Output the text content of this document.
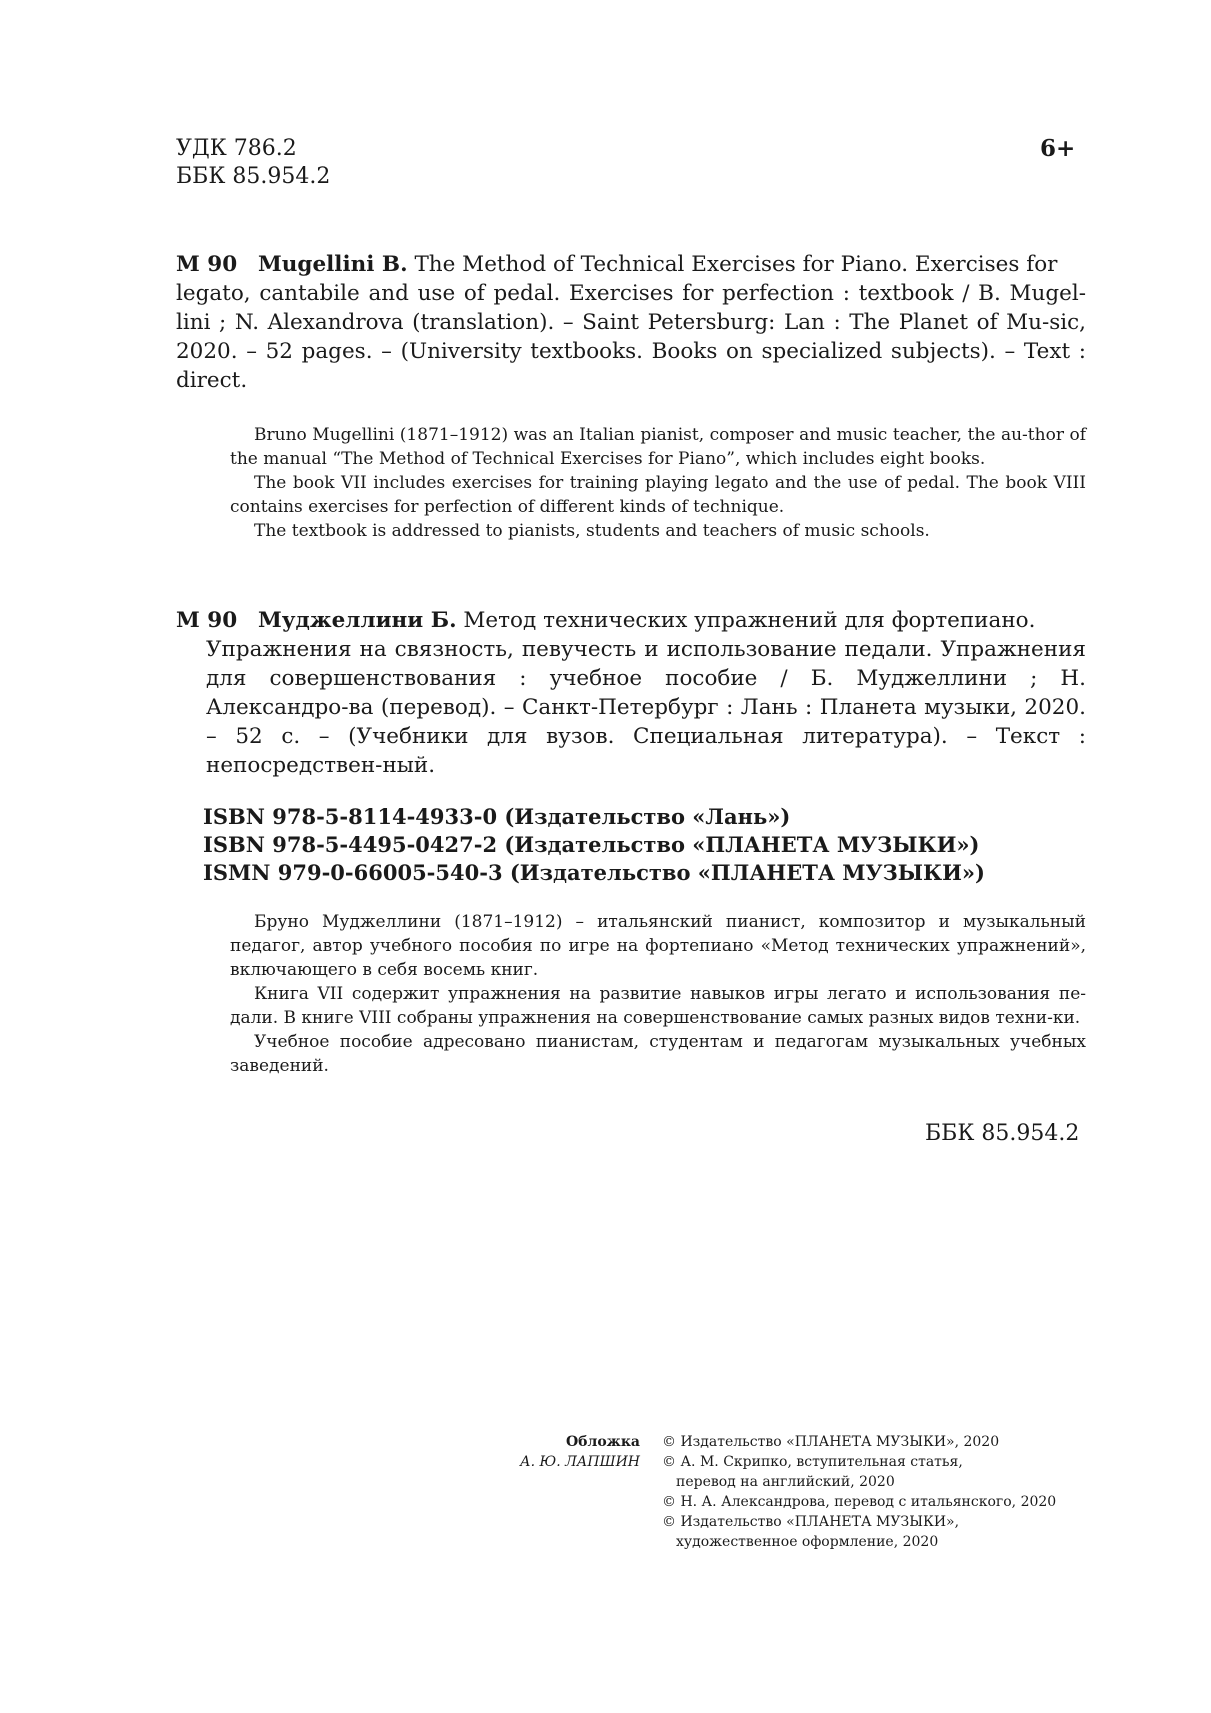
УДК 786.2
ББК 85.954.2
6+
M 90 Mugellini B. The Method of Technical Exercises for Piano. Exercises for
legato, cantabile and use of pedal. Exercises for perfection : textbook / B. Mugel-lini ; N. Alexandrova (translation). – Saint Petersburg: Lan : The Planet of Mu-sic, 2020. – 52 pages. – (University textbooks. Books on specialized subjects). – Text : direct.

Bruno Mugellini (1871–1912) was an Italian pianist, composer and music teacher, the au-thor of the manual “The Method of Technical Exercises for Piano”, which includes eight books.

The book VII includes exercises for training playing legato and the use of pedal. The book VIII contains exercises for perfection of different kinds of technique.

The textbook is addressed to pianists, students and teachers of music schools.

M 90 Муджеллини Б. Метод технических упражнений для фортепиано.
Упражнения на связность, певучесть и использование педали. Упражнения для совершенствования : учебное пособие / Б. Муджеллини ; Н. Александро-ва (перевод). – Санкт-Петербург : Лань : Планета музыки, 2020. – 52 с. – (Учебники для вузов. Специальная литература). – Текст : непосредствен-ный.
ISBN 978-5-8114-4933-0 (Издательство «Лань»)
ISBN 978-5-4495-0427-2 (Издательство «ПЛАНЕТА МУЗЫКИ»)
ISMN 979-0-66005-540-3 (Издательство «ПЛАНЕТА МУЗЫКИ»)

Бруно Муджеллини (1871–1912) – итальянский пианист, композитор и музыкальный педагог, автор учебного пособия по игре на фортепиано «Метод технических упражнений», включающего в себя восемь книг.

Книга VII содержит упражнения на развитие навыков игры легато и использования пе-дали. В книге VIII собраны упражнения на совершенствование самых разных видов техни-ки.

Учебное пособие адресовано пианистам, студентам и педагогам музыкальных учебных заведений.

ББК 85.954.2
Обложка
А. Ю. ЛАПШИН
© Издательство «ПЛАНЕТА МУЗЫКИ», 2020
© А. М. Скрипко, вступительная статья,
перевод на английский, 2020
© Н. А. Александрова, перевод с итальянского, 2020
© Издательство «ПЛАНЕТА МУЗЫКИ»,
художественное оформление, 2020
